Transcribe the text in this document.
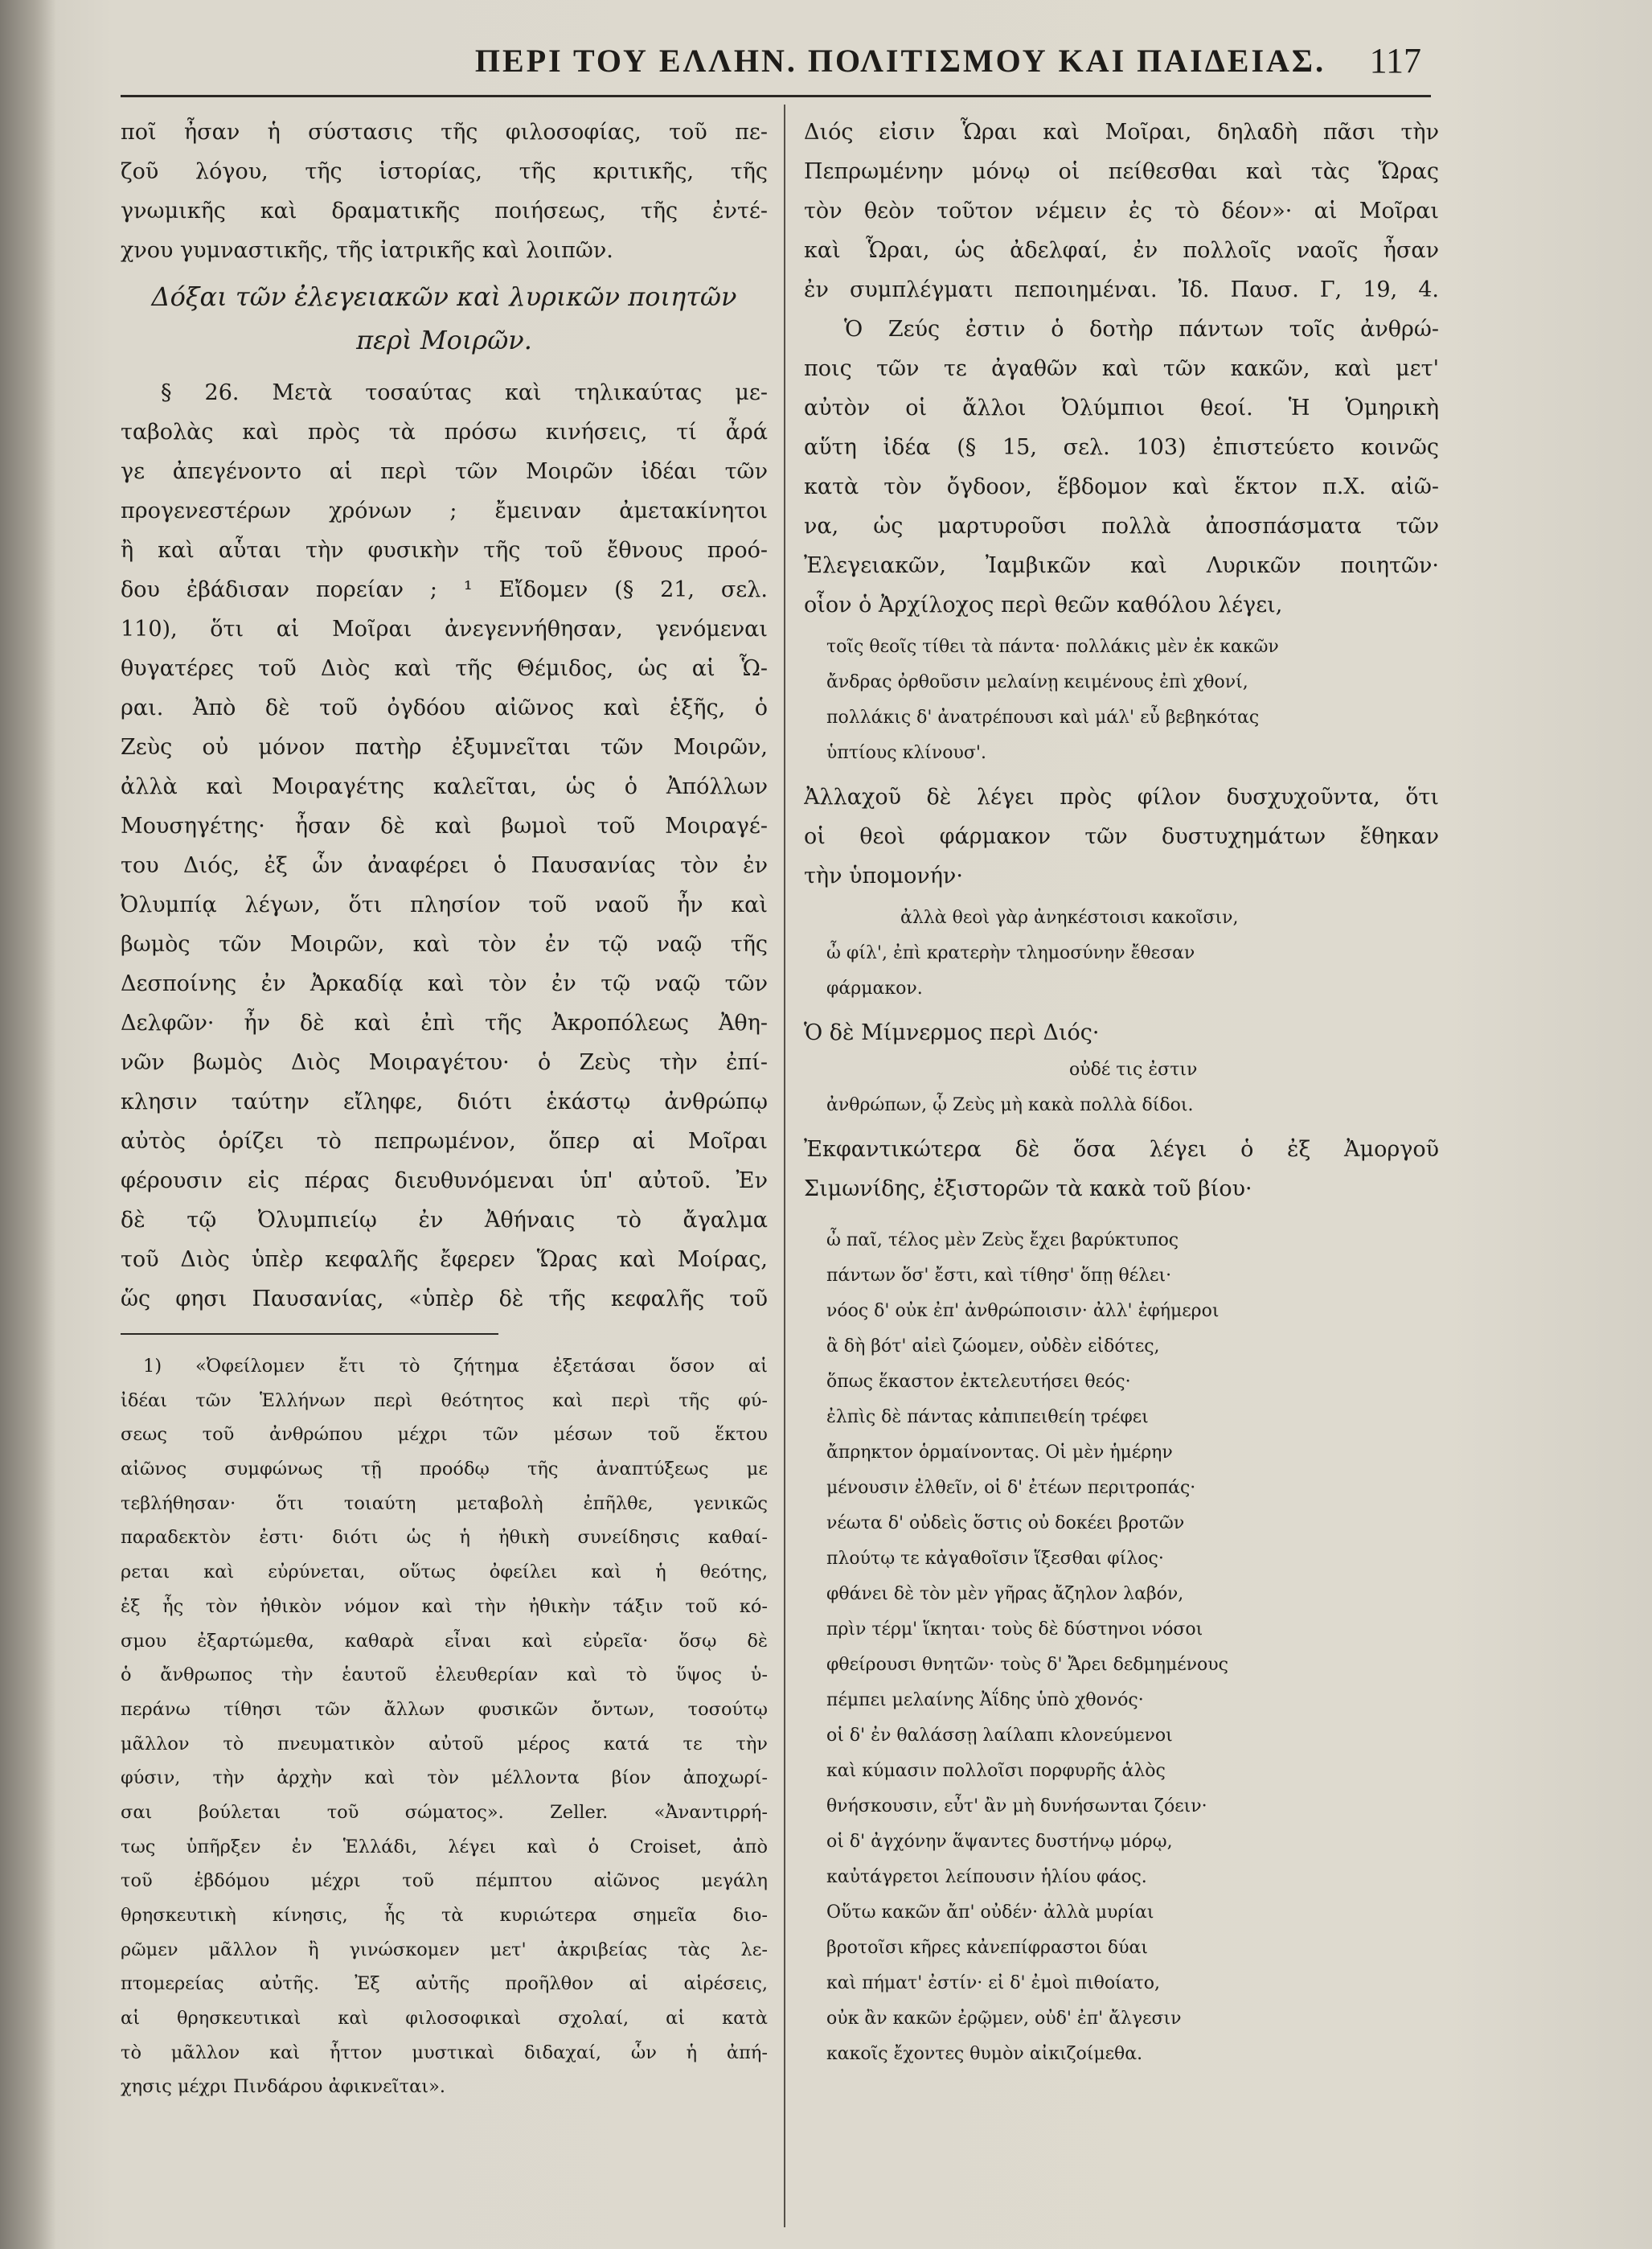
ΠΕΡΙ ΤΟΥ ΕΛΛΗΝ. ΠΟΛΙΤΙΣΜΟΥ ΚΑΙ ΠΑΙΔΕΙΑΣ.	117
ποῖ ἦσαν ἡ σύστασις τῆς φιλοσοφίας, τοῦ πε-
ζοῦ λόγου, τῆς ἱστορίας, τῆς κριτικῆς, τῆς
γνωμικῆς καὶ δραματικῆς ποιήσεως, τῆς ἐντέ-
χνου γυμναστικῆς, τῆς ἰατρικῆς καὶ λοιπῶν.
Δόξαι τῶν ἐλεγειακῶν καὶ λυρικῶν ποιητῶν
περὶ Μοιρῶν.
§ 26. Μετὰ τοσαύτας καὶ τηλικαύτας με-
ταβολὰς καὶ πρὸς τὰ πρόσω κινήσεις, τί ἆρά
γε ἀπεγένοντο αἱ περὶ τῶν Μοιρῶν ἰδέαι τῶν
προγενεστέρων χρόνων ; ἔμειναν ἀμετακίνητοι
ἢ καὶ αὗται τὴν φυσικὴν τῆς τοῦ ἔθνους προό-
δου ἐβάδισαν πορείαν ; ¹ Εἴδομεν (§ 21, σελ.
110), ὅτι αἱ Μοῖραι ἀνεγεννήθησαν, γενόμεναι
θυγατέρες τοῦ Διὸς καὶ τῆς Θέμιδος, ὡς αἱ Ὧ-
ραι. Ἀπὸ δὲ τοῦ ὀγδόου αἰῶνος καὶ ἑξῆς, ὁ
Ζεὺς οὐ μόνον πατὴρ ἐξυμνεῖται τῶν Μοιρῶν,
ἀλλὰ καὶ Μοιραγέτης καλεῖται, ὡς ὁ Ἀπόλλων
Μουσηγέτης· ἦσαν δὲ καὶ βωμοὶ τοῦ Μοιραγέ-
του Διός, ἐξ ὧν ἀναφέρει ὁ Παυσανίας τὸν ἐν
Ὀλυμπίᾳ λέγων, ὅτι πλησίον τοῦ ναοῦ ἦν καὶ
βωμὸς τῶν Μοιρῶν, καὶ τὸν ἐν τῷ ναῷ τῆς
Δεσποίνης ἐν Ἀρκαδίᾳ καὶ τὸν ἐν τῷ ναῷ τῶν
Δελφῶν· ἦν δὲ καὶ ἐπὶ τῆς Ἀκροπόλεως Ἀθη-
νῶν βωμὸς Διὸς Μοιραγέτου· ὁ Ζεὺς τὴν ἐπί-
κλησιν ταύτην εἴληφε, διότι ἑκάστῳ ἀνθρώπῳ
αὐτὸς ὁρίζει τὸ πεπρωμένον, ὅπερ αἱ Μοῖραι
φέρουσιν εἰς πέρας διευθυνόμεναι ὑπ' αὐτοῦ. Ἐν
δὲ τῷ Ὀλυμπιείῳ ἐν Ἀθήναις τὸ ἄγαλμα
τοῦ Διὸς ὑπὲρ κεφαλῆς ἔφερεν Ὥρας καὶ Μοίρας,
ὥς φησι Παυσανίας, «ὑπὲρ δὲ τῆς κεφαλῆς τοῦ
1) «Ὀφείλομεν ἔτι τὸ ζήτημα ἐξετάσαι ὅσον αἱ
ἰδέαι τῶν Ἑλλήνων περὶ θεότητος καὶ περὶ τῆς φύ-
σεως τοῦ ἀνθρώπου μέχρι τῶν μέσων τοῦ ἕκτου
αἰῶνος συμφώνως τῇ προόδῳ τῆς ἀναπτύξεως με
τεβλήθησαν· ὅτι τοιαύτη μεταβολὴ ἐπῆλθε, γενικῶς
παραδεκτὸν ἐστι· διότι ὡς ἡ ἠθικὴ συνείδησις καθαί-
ρεται καὶ εὐρύνεται, οὕτως ὀφείλει καὶ ἡ θεότης,
ἐξ ἧς τὸν ἠθικὸν νόμον καὶ τὴν ἠθικὴν τάξιν τοῦ κό-
σμου ἐξαρτώμεθα, καθαρὰ εἶναι καὶ εὐρεῖα· ὅσῳ δὲ
ὁ ἄνθρωπος τὴν ἑαυτοῦ ἐλευθερίαν καὶ τὸ ὕψος ὑ-
περάνω τίθησι τῶν ἄλλων φυσικῶν ὄντων, τοσούτῳ
μᾶλλον τὸ πνευματικὸν αὐτοῦ μέρος κατά τε τὴν
φύσιν, τὴν ἀρχὴν καὶ τὸν μέλλοντα βίον ἀποχωρί-
σαι βούλεται τοῦ σώματος». Zeller. «Ἀναντιρρή-
τως ὑπῆρξεν ἐν Ἑλλάδι, λέγει καὶ ὁ Croiset, ἀπὸ
τοῦ ἑβδόμου μέχρι τοῦ πέμπτου αἰῶνος μεγάλη
θρησκευτικὴ κίνησις, ἧς τὰ κυριώτερα σημεῖα διο-
ρῶμεν μᾶλλον ἢ γινώσκομεν μετ' ἀκριβείας τὰς λε-
πτομερείας αὐτῆς. Ἐξ αὐτῆς προῆλθον αἱ αἱρέσεις,
αἱ θρησκευτικαὶ καὶ φιλοσοφικαὶ σχολαί, αἱ κατὰ
τὸ μᾶλλον καὶ ἧττον μυστικαὶ διδαχαί, ὧν ἡ ἀπή-
χησις μέχρι Πινδάρου ἀφικνεῖται».
Διός εἰσιν Ὧραι καὶ Μοῖραι, δηλαδὴ πᾶσι τὴν
Πεπρωμένην μόνῳ οἱ πείθεσθαι καὶ τὰς Ὥρας
τὸν θεὸν τοῦτον νέμειν ἐς τὸ δέον»· αἱ Μοῖραι
καὶ Ὧραι, ὡς ἀδελφαί, ἐν πολλοῖς ναοῖς ἦσαν
ἐν συμπλέγματι πεποιημέναι. Ἰδ. Παυσ. Γ, 19, 4.
Ὁ Ζεύς ἐστιν ὁ δοτὴρ πάντων τοῖς ἀνθρώ-
ποις τῶν τε ἀγαθῶν καὶ τῶν κακῶν, καὶ μετ'
αὐτὸν οἱ ἄλλοι Ὀλύμπιοι θεοί. Ἡ Ὁμηρικὴ
αὕτη ἰδέα (§ 15, σελ. 103) ἐπιστεύετο κοινῶς
κατὰ τὸν ὄγδοον, ἕβδομον καὶ ἕκτον π.Χ. αἰῶ-
να, ὡς μαρτυροῦσι πολλὰ ἀποσπάσματα τῶν
Ἐλεγειακῶν, Ἰαμβικῶν καὶ Λυρικῶν ποιητῶν·
οἷον ὁ Ἀρχίλοχος περὶ θεῶν καθόλου λέγει,
τοῖς θεοῖς τίθει τὰ πάντα· πολλάκις μὲν ἐκ κακῶν
ἄνδρας ὀρθοῦσιν μελαίνῃ κειμένους ἐπὶ χθονί,
πολλάκις δ' ἀνατρέπουσι καὶ μάλ' εὖ βεβηκότας
ὑπτίους κλίνουσ'.
Ἀλλαχοῦ δὲ λέγει πρὸς φίλον δυσχυχοῦντα, ὅτι
οἱ θεοὶ φάρμακον τῶν δυστυχημάτων ἔθηκαν
τὴν ὑπομονήν·
ἀλλὰ θεοὶ γὰρ ἀνηκέστοισι κακοῖσιν,
ὦ φίλ', ἐπὶ κρατερὴν τλημοσύνην ἔθεσαν
φάρμακον.
Ὁ δὲ Μίμνερμος περὶ Διός·
οὐδέ τις ἐστιν
ἀνθρώπων, ᾧ Ζεὺς μὴ κακὰ πολλὰ δίδοι.
Ἐκφαντικώτερα δὲ ὅσα λέγει ὁ ἐξ Ἀμοργοῦ
Σιμωνίδης, ἐξιστορῶν τὰ κακὰ τοῦ βίου·
ὦ παῖ, τέλος μὲν Ζεὺς ἔχει βαρύκτυπος
πάντων ὅσ' ἔστι, καὶ τίθησ' ὅπῃ θέλει·
νόος δ' οὐκ ἐπ' ἀνθρώποισιν· ἀλλ' ἐφήμεροι
ἃ δὴ βότ' αἰεὶ ζώομεν, οὐδὲν εἰδότες,
ὅπως ἕκαστον ἐκτελευτήσει θεός·
ἐλπὶς δὲ πάντας κἀπιπειθείη τρέφει
ἄπρηκτον ὁρμαίνοντας. Οἱ μὲν ἡμέρην
μένουσιν ἐλθεῖν, οἱ δ' ἐτέων περιτροπάς·
νέωτα δ' οὐδεὶς ὅστις οὐ δοκέει βροτῶν
πλούτῳ τε κἀγαθοῖσιν ἵξεσθαι φίλος·
φθάνει δὲ τὸν μὲν γῆρας ἄζηλον λαβόν,
πρὶν τέρμ' ἵκηται· τοὺς δὲ δύστηνοι νόσοι
φθείρουσι θνητῶν· τοὺς δ' Ἄρει δεδμημένους
πέμπει μελαίνης Ἀΐδης ὑπὸ χθονός·
οἱ δ' ἐν θαλάσσῃ λαίλαπι κλονεύμενοι
καὶ κύμασιν πολλοῖσι πορφυρῆς ἁλὸς
θνήσκουσιν, εὖτ' ἂν μὴ δυνήσωνται ζόειν·
οἱ δ' ἀγχόνην ἅψαντες δυστήνῳ μόρῳ,
καὐτάγρετοι λείπουσιν ἡλίου φάος.
Οὕτω κακῶν ἄπ' οὐδέν· ἀλλὰ μυρίαι
βροτοῖσι κῆρες κἀνεπίφραστοι δύαι
καὶ πήματ' ἐστίν· εἰ δ' ἐμοὶ πιθοίατο,
οὐκ ἂν κακῶν ἐρῷμεν, οὐδ' ἐπ' ἄλγεσιν
κακοῖς ἔχοντες θυμὸν αἰκιζοίμεθα.
